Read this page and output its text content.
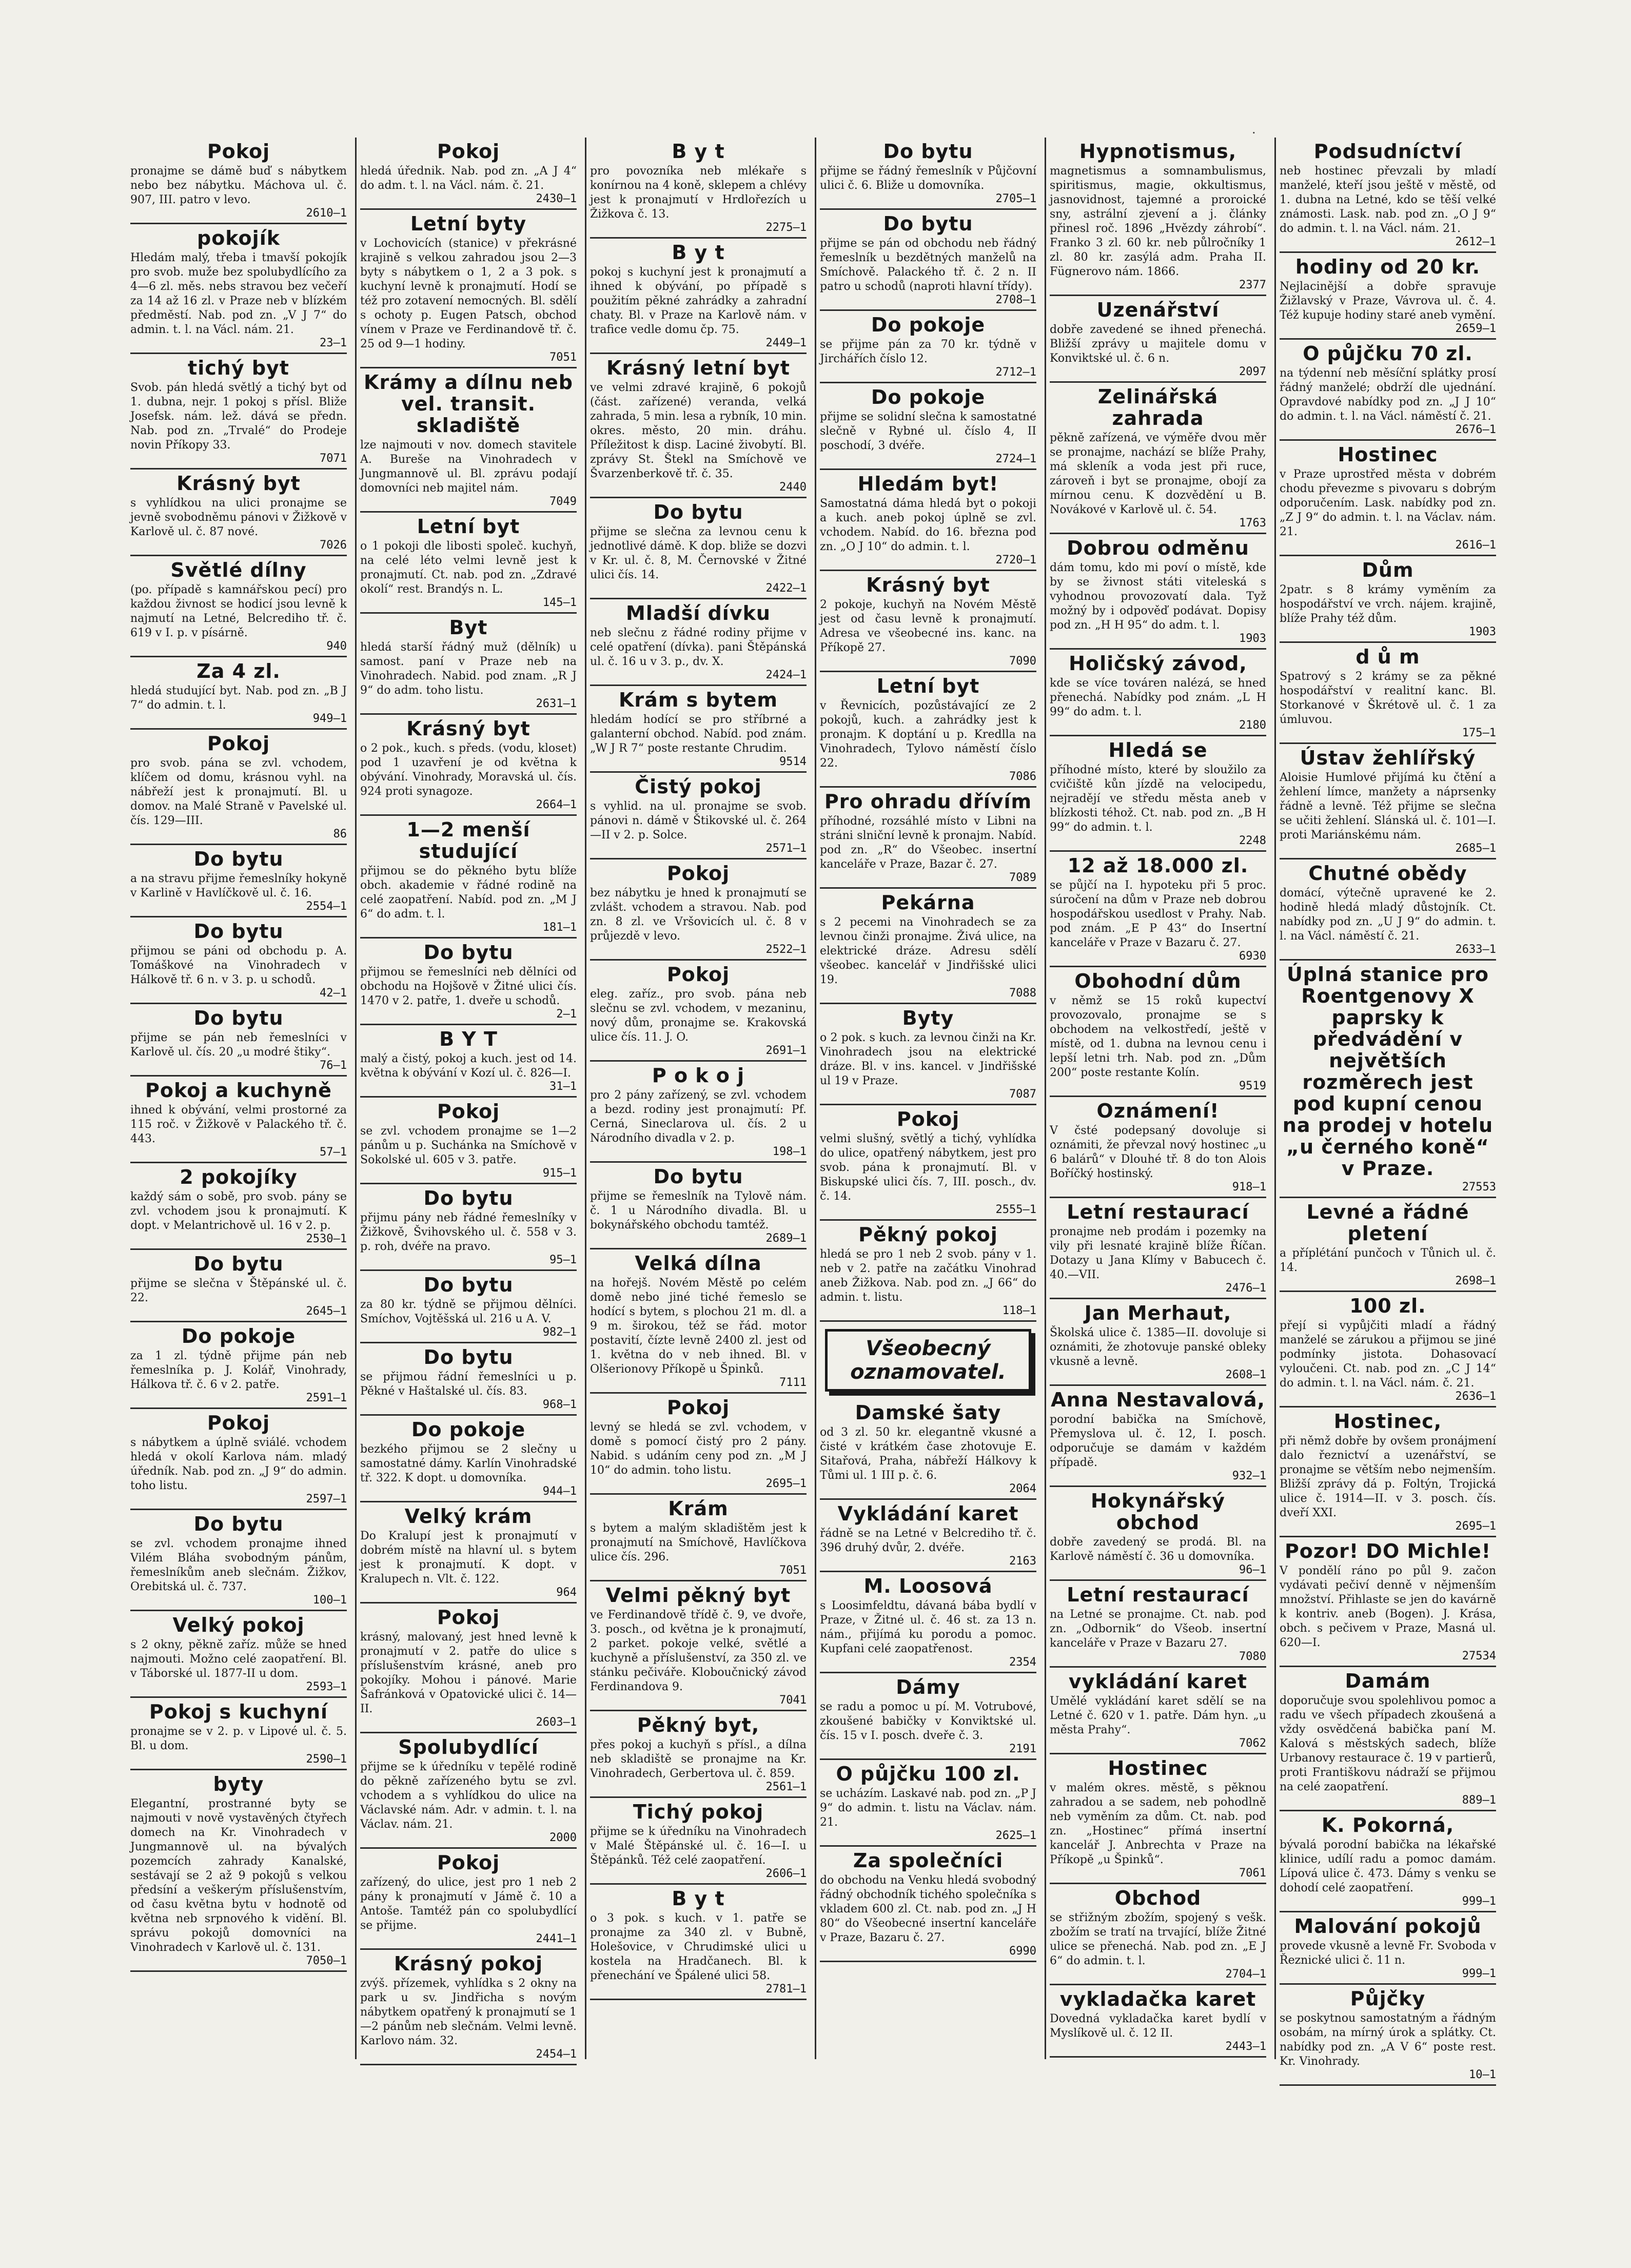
.
Pokoj

pronajme se dámě buď s nábytkem nebo bez nábytku. Máchova ul. č. 907, III. patro v levo.

2610—1
pokojík

Hledám malý, třeba i tmavší pokojík pro svob. muže bez spolubydlícího za 4—6 zl. měs. nebs stravou bez večeří za 14 až 16 zl. v Praze neb v blízkém předměstí. Nab. pod zn. „V J 7“ do admin. t. l. na Václ. nám. 21.

23—1
tichý byt

Svob. pán hledá světlý a tichý byt od 1. dubna, nejr. 1 pokoj s přísl. Bliže Josefsk. nám. lež. dává se předn. Nab. pod zn. „Trvalé“ do Prodeje novin Příkopy 33.

7071
Krásný byt

s vyhlídkou na ulici pronajme se jevně svobodněmu pánovi v Žižkově v Karlově ul. č. 87 nové.

7026
Světlé dílny

(po. případě s kamnářskou pecí) pro každou živnost se hodicí jsou levně k najmutí na Letné, Belcrediho tř. č. 619 v I. p. v písárně.

940
Za 4 zl.

hledá studující byt. Nab. pod zn. „B J 7“ do admin. t. l.

949—1
Pokoj

pro svob. pána se zvl. vchodem, klíčem od domu, krásnou vyhl. na nábřeží jest k pronajmutí. Bl. u domov. na Malé Straně v Pavelské ul. čís. 129—III.

86
Do bytu

a na stravu přijme řemeslníky hokyně v Karlině v Havlíčkově ul. č. 16.

2554—1
Do bytu

přijmou se páni od obchodu p. A. Tomáškové na Vinohradech v Hálkově tř. 6 n. v 3. p. u schodů.

42—1
Do bytu

přijme se pán neb řemeslníci v Karlově ul. čís. 20 „u modré štiky“.

76—1
Pokoj a kuchyně

ihned k obývání, velmi prostorné za 115 roč. v Žižkově v Palackého tř. č. 443.

57—1
2 pokojíky

každý sám o sobě, pro svob. pány se zvl. vchodem jsou k pronajmutí. K dopt. v Melantrichově ul. 16 v 2. p.

2530—1
Do bytu

přijme se slečna v Štěpánské ul. č. 22.

2645—1
Do pokoje

za 1 zl. týdně přijme pán neb řemeslníka p. J. Kolář, Vinohrady, Hálkova tř. č. 6 v 2. patře.

2591—1
Pokoj

s nábytkem a úplně sviálé. vchodem hledá v okolí Karlova nám. mladý úředník. Nab. pod zn. „J 9“ do admin. toho listu.

2597—1
Do bytu

se zvl. vchodem pronajme ihned Vilém Bláha svobodným pánům, řemeslníkům aneb slečnám. Žižkov, Orebitská ul. č. 737.

100—1
Velký pokoj

s 2 okny, pěkně zaříz. může se hned najmouti. Možno celé zaopatření. Bl. v Táborské ul. 1877-II u dom.

2593—1
Pokoj s kuchyní

pronajme se v 2. p. v Lipové ul. č. 5. Bl. u dom.

2590—1
byty

Elegantní, prostranné byty se najmouti v nově vystavěných čtyřech domech na Kr. Vinohradech v Jungmannově ul. na bývalých pozemcích zahrady Kanalské, sestávají se 2 až 9 pokojů s velkou předsíní a veškerým příslušenstvím, od času května bytu v hodnotě od května neb srpnového k vidění. Bl. správu pokojů domovníci na Vinohradech v Karlově ul. č. 131.

7050—1
Pokoj

hledá úřednik. Nab. pod zn. „A J 4“ do adm. t. l. na Václ. nám. č. 21.

2430—1
Letní byty

v Lochovicích (stanice) v překrásné krajině s velkou zahradou jsou 2—3 byty s nábytkem o 1, 2 a 3 pok. s kuchyní levně k pronajmutí. Hodí se též pro zotavení nemocných. Bl. sdělí s ochoty p. Eugen Patsch, obchod vínem v Praze ve Ferdinandově tř. č. 25 od 9—1 hodiny.

7051
Krámy a dílnu neb vel. transit. skladiště

lze najmouti v nov. domech stavitele A. Bureše na Vinohradech v Jungmannově ul. Bl. zprávu podají domovníci neb majitel nám.

7049
Letní byt

o 1 pokoji dle libosti společ. kuchyň, na celé léto velmi levně jest k pronajmutí. Ct. nab. pod zn. „Zdravé okolí“ rest. Brandýs n. L.

145—1
Byt

hledá starší řádný muž (dělník) u samost. paní v Praze neb na Vinohradech. Nabid. pod znam. „R J 9“ do adm. toho listu.

2631—1
Krásný byt

o 2 pok., kuch. s předs. (vodu, kloset) pod 1 uzavření je od května k obývání. Vinohrady, Moravská ul. čís. 924 proti synagoze.

2664—1
1—2 menší studující

přijmou se do pěkného bytu blíže obch. akademie v řádné rodině na celé zaopatření. Nabíd. pod zn. „M J 6“ do adm. t. l.

181—1
Do bytu

přijmou se řemeslníci neb dělníci od obchodu na Hojšově v Žitné ulici čís. 1470 v 2. patře, 1. dveře u schodů.

2—1
B Y T

malý a čistý, pokoj a kuch. jest od 14. května k obývání v Kozí ul. č. 826—I.

31—1
Pokoj

se zvl. vchodem pronajme se 1—2 pánům u p. Suchánka na Smíchově v Sokolské ul. 605 v 3. patře.

915—1
Do bytu

přijmu pány neb řádné řemeslníky v Žižkově, Švihovského ul. č. 558 v 3. p. roh, dvéře na pravo.

95—1
Do bytu

za 80 kr. týdně se přijmou dělníci. Smíchov, Vojtěšská ul. 216 u A. V.

982—1
Do bytu

se přijmou řádní řemeslníci u p. Pěkné v Haštalské ul. čís. 83.

968—1
Do pokoje

bezkého přijmou se 2 slečny u samostatné dámy. Karlín Vinohradské tř. 322. K dopt. u domovníka.

944—1
Velký krám

Do Kralupí jest k pronajmutí v dobrém místě na hlavní ul. s bytem jest k pronajmutí. K dopt. v Kralupech n. Vlt. č. 122.

964
Pokoj

krásný, malovaný, jest hned levně k pronajmutí v 2. patře do ulice s příslušenstvím krásné, aneb pro pokojíky. Mohou i pánové. Marie Šafránková v Opatovické ulici č. 14—II.

2603—1
Spolubydlící

přijme se k úředníku v tepělé rodině do pěkně zařízeného bytu se zvl. vchodem a s vyhlídkou do ulice na Václavské nám. Adr. v admin. t. l. na Václav. nám. 21.

2000
Pokoj

zařízený, do ulice, jest pro 1 neb 2 pány k pronajmutí v Jámě č. 10 a Antoše. Tamtéž pán co spolubydlící se přijme.

2441—1
Krásný pokoj

zvýš. přízemek, vyhlídka s 2 okny na park u sv. Jindřicha s novým nábytkem opatřený k pronajmutí se 1—2 pánům neb slečnám. Velmi levně. Karlovo nám. 32.

2454—1
B y t

pro povozníka neb mlékaře s konírnou na 4 koně, sklepem a chlévy jest k pronajmutí v Hrdlořezích u Žižkova č. 13.

2275—1
B y t

pokoj s kuchyní jest k pronajmutí a ihned k obývání, po případě s použitím pěkné zahrádky a zahradní chaty. Bl. v Praze na Karlově nám. v trafice vedle domu čp. 75.

2449—1
Krásný letní byt

ve velmi zdravé krajině, 6 pokojů (část. zařízené) veranda, velká zahrada, 5 min. lesa a rybník, 10 min. okres. město, 20 min. dráhu. Příležitost k disp. Laciné živobytí. Bl. zprávy St. Štekl na Smíchově ve Švarzenberkově tř. č. 35.

2440
Do bytu

přijme se slečna za levnou cenu k jednotlivé dámě. K dop. bliže se dozvi v Kr. ul. č. 8, M. Černovské v Žitné ulici čís. 14.

2422—1
Mladší dívku

neb slečnu z řádné rodiny přijme v celé opatření (dívka). pani Štěpánská ul. č. 16 u v 3. p., dv. X.

2424—1
Krám s bytem

hledám hodící se pro stříbrné a galanterní obchod. Nabíd. pod znám. „W J R 7“ poste restante Chrudim.

9514
Čistý pokoj

s vyhlid. na ul. pronajme se svob. pánovi n. dámě v Štikovské ul. č. 264—II v 2. p. Solce.

2571—1
Pokoj

bez nábytku je hned k pronajmutí se zvlášt. vchodem a stravou. Nab. pod zn. 8 zl. ve Vršovicích ul. č. 8 v průjezdě v levo.

2522—1
Pokoj

eleg. zaříz., pro svob. pána neb slečnu se zvl. vchodem, v mezaninu, nový dům, pronajme se. Krakovská ulice čís. 11. J. O.

2691—1
P o k o j

pro 2 pány zařízený, se zvl. vchodem a bezd. rodiny jest pronajmutí: Pf. Cerná, Sineclarova ul. čís. 2 u Národního divadla v 2. p.

198—1
Do bytu

přijme se řemeslník na Tylově nám. č. 1 u Národního divadla. Bl. u bokynářského obchodu tamtéž.

2689—1
Velká dílna

na hořejš. Novém Městě po celém domě nebo jiné tiché řemeslo se hodící s bytem, s plochou 21 m. dl. a 9 m. širokou, též se řád. motor postavití, čízte levně 2400 zl. jest od 1. května do v neb ihned. Bl. v Olšerionovy Příkopě u Špinků.

7111
Pokoj

levný se hledá se zvl. vchodem, v domě s pomocí čistý pro 2 pány. Nabid. s udáním ceny pod zn. „M J 10“ do admin. toho listu.

2695—1
Krám

s bytem a malým skladištěm jest k pronajmutí na Smíchově, Havlíčkova ulice čís. 296.

7051
Velmi pěkný byt

ve Ferdinandově třídě č. 9, ve dvoře, 3. posch., od května je k pronajmutí, 2 parket. pokoje velké, světlé a kuchyně a příslušenství, za 350 zl. ve stánku pečiváře. Kloboučnický závod Ferdinandova 9.

7041
Pěkný byt,

přes pokoj a kuchyň s přísl., a dílna neb skladiště se pronajme na Kr. Vinohradech, Gerbertova ul. č. 859.

2561—1
Tichý pokoj

přijme se k úředníku na Vinohradech v Malé Štěpánské ul. č. 16—I. u Štěpánků. Též celé zaopatření.

2606—1
B y t

o 3 pok. s kuch. v 1. patře se pronajme za 340 zl. v Bubně, Holešovice, v Chrudimské ulici u kostela na Hradčanech. Bl. k přenechání ve Špálené ulici 58.

2781—1
Do bytu

přijme se řádný řemeslník v Půjčovní ulici č. 6. Bliže u domovníka.

2705—1
Do bytu

přijme se pán od obchodu neb řádný řemeslník u bezdětných manželů na Smíchově. Palackého tř. č. 2 n. II patro u schodů (naproti hlavní třídy).

2708—1
Do pokoje

se přijme pán za 70 kr. týdně v Jirchářích číslo 12.

2712—1
Do pokoje

přijme se solidní slečna k samostatné slečně v Rybné ul. číslo 4, II poschodí, 3 dvéře.

2724—1
Hledám byt!

Samostatná dáma hledá byt o pokoji a kuch. aneb pokoj úplně se zvl. vchodem. Nabíd. do 16. března pod zn. „O J 10“ do admin. t. l.

2720—1
Krásný byt

2 pokoje, kuchyň na Novém Městě jest od času levně k pronajmutí. Adresa ve všeobecné ins. kanc. na Příkopě 27.

7090
Letní byt

v Řevnicích, pozůstávající ze 2 pokojů, kuch. a zahrádky jest k pronajm. K doptání u p. Kredlla na Vinohradech, Tylovo náměstí číslo 22.

7086
Pro ohradu dřívím

příhodné, rozsáhlé místo v Libni na stráni slniční levně k pronajm. Nabíd. pod zn. „R“ do Všeobec. insertní kanceláře v Praze, Bazar č. 27.

7089
Pekárna

s 2 pecemi na Vinohradech se za levnou činži pronajme. Živá ulice, na elektrické dráze. Adresu sdělí všeobec. kancelář v Jindřišské ulici 19.

7088
Byty

o 2 pok. s kuch. za levnou činži na Kr. Vinohradech jsou na elektrické dráze. Bl. v ins. kancel. v Jindřišské ul 19 v Praze.

7087
Pokoj

velmi slušný, světlý a tichý, vyhlídka do ulice, opatřený nábytkem, jest pro svob. pána k pronajmutí. Bl. v Biskupské ulici čís. 7, III. posch., dv. č. 14.

2555—1
Pěkný pokoj

hledá se pro 1 neb 2 svob. pány v 1. neb v 2. patře na začátku Vinohrad aneb Žižkova. Nab. pod zn. „J 66“ do admin. t. listu.

118—1
Všeobecný oznamovatel.
Damské šaty

od 3 zl. 50 kr. elegantně vkusné a čisté v krátkém čase zhotovuje E. Sitařová, Praha, nábřeží Hálkovy k Tůmi ul. 1 III p. č. 6.

2064
Vykládání karet

řádně se na Letné v Belcrediho tř. č. 396 druhý dvůr, 2. dvéře.

2163
M. Loosová

s Loosimfeldtu, dávaná bába bydlí v Praze, v Žitné ul. č. 46 st. za 13 n. nám., přijímá ku porodu a pomoc. Kupfani celé zaopatřenost.

2354
Dámy

se radu a pomoc u pí. M. Votrubové, zkoušené babičky v Konviktské ul. čís. 15 v I. posch. dveře č. 3.

2191
O půjčku 100 zl.

se ucházím. Laskavé nab. pod zn. „P J 9“ do admin. t. listu na Václav. nám. 21.

2625—1
Za společníci

do obchodu na Venku hledá svobodný řádný obchodník tichého společníka s vkladem 600 zl. Ct. nab. pod zn. „J H 80“ do Všeobecné insertní kanceláře v Praze, Bazaru č. 27.

6990
Hypnotismus,

magnetismus a somnambulismus, spiritismus, magie, okkultismus, jasnovidnost, tajemné a proroické sny, astrální zjevení a j. články přinesl roč. 1896 „Hvězdy záhrobí“. Franko 3 zl. 60 kr. neb půlročníky 1 zl. 80 kr. zasýlá adm. Praha II. Fügnerovo nám. 1866.

2377
Uzenářství

dobře zavedené se ihned přenechá. Bližší zprávy u majitele domu v Konviktské ul. č. 6 n.

2097
Zelinářská zahrada

pěkně zařízená, ve výměře dvou měr se pronajme, nachází se blíže Prahy, má skleník a voda jest při ruce, zároveň i byt se pronajme, obojí za mírnou cenu. K dozvědění u B. Novákové v Karlově ul. č. 54.

1763
Dobrou odměnu

dám tomu, kdo mi poví o místě, kde by se živnost státi viteleská s vyhodnou provozovatí dala. Tyž možný by i odpověď podávat. Dopisy pod zn. „H H 95“ do adm. t. l.

1903
Holičský závod,

kde se více továren nalézá, se hned přenechá. Nabídky pod znám. „L H 99“ do adm. t. l.

2180
Hledá se

příhodné místo, které by sloužilo za cvičiště kůn jízdě na velocipedu, nejradějí ve středu města aneb v blízkosti téhož. Ct. nab. pod zn. „B H 99“ do admin. t. l.

2248
12 až 18.000 zl.

se půjčí na I. hypoteku při 5 proc. súročení na dům v Praze neb dobrou hospodářskou usedlost v Prahy. Nab. pod znám. „E P 43“ do Insertní kanceláře v Praze v Bazaru č. 27.

6930
Obohodní dům

v němž se 15 roků kupectví provozovalo, pronajme se s obchodem na velkostředí, ještě v místě, od 1. dubna na levnou cenu i lepší letni trh. Nab. pod zn. „Dům 200“ poste restante Kolín.

9519
Oznámení!

V čsté podepsaný dovoluje si oznámiti, že převzal nový hostinec „u 6 balárů“ v Dlouhé tř. 8 do ton Alois Boříčký hostinský.

918—1
Letní restaurací

pronajme neb prodám i pozemky na vily při lesnaté krajině blíže Říčan. Dotazy u Jana Klímy v Babucech č. 40.—VII.

2476—1
Jan Merhaut,

Školská ulice č. 1385—II. dovoluje si oznámiti, že zhotovuje panské obleky vkusně a levně.

2608—1
Anna Nestavalová,

porodní babička na Smíchově, Přemyslova ul. č. 12, I. posch. odporučuje se damám v každém případě.

932—1
Hokynářský obchod

dobře zavedený se prodá. Bl. na Karlově náměstí č. 36 u domovníka.

96—1
Letní restaurací

na Letné se pronajme. Ct. nab. pod zn. „Odbornik“ do Všeob. insertní kanceláře v Praze v Bazaru 27.

7080
vykládání karet

Umělé vykládání karet sdělí se na Letné č. 620 v 1. patře. Dám hyn. „u města Prahy“.

7062
Hostinec

v malém okres. městě, s pěknou zahradou a se sadem, neb pohodlně neb vyměním za dům. Ct. nab. pod zn. „Hostinec“ přímá insertní kancelář J. Anbrechta v Praze na Příkopě „u Špinků“.

7061
Obchod

se střižným zbožím, spojený s vešk. zbožím se tratí na trvající, blíže Žitné ulice se přenechá. Nab. pod zn. „E J 6“ do admin. t. l.

2704—1
vykladačka karet

Dovedná vykladačka karet bydlí v Myslíkově ul. č. 12 II.

2443—1
Podsudníctví

neb hostinec převzali by mladí manželé, kteří jsou ještě v městě, od 1. dubna na Letné, kdo se těší velké známosti. Lask. nab. pod zn. „O J 9“ do admin. t. l. na Václ. nám. 21.

2612—1
hodiny od 20 kr.

Nejlacinější a dobře spravuje Žižlavský v Praze, Vávrova ul. č. 4. Též kupuje hodiny staré aneb vymění.

2659—1
O půjčku 70 zl.

na týdenní neb měsíční splátky prosí řádný manželé; obdrží dle ujednání. Opravdové nabídky pod zn. „J J 10“ do admin. t. l. na Václ. náměstí č. 21.

2676—1
Hostinec

v Praze uprostřed města v dobrém chodu převezme s pivovaru s dobrým odporučením. Lask. nabídky pod zn. „Z J 9“ do admin. t. l. na Václav. nám. 21.

2616—1
Dům

2patr. s 8 krámy vyměním za hospodářství ve vrch. nájem. krajině, blíže Prahy též dům.

1903
d ů m

Spatrový s 2 krámy se za pěkné hospodářství v realitní kanc. Bl. Storkanové v Škrétově ul. č. 1 za úmluvou.

175—1
Ústav žehlířský

Aloisie Humlové přijímá ku čtění a žehlení límce, manžety a náprsenky řádně a levně. Též přijme se slečna se učiti žehlení. Slánská ul. č. 101—I. proti Mariánskému nám.

2685—1
Chutné obědy

domácí, výtečně upravené ke 2. hodině hledá mladý důstojník. Ct. nabídky pod zn. „U J 9“ do admin. t. l. na Václ. náměstí č. 21.

2633—1
Úplná stanice pro Roentgenovy X paprsky k předvádění v největších rozměrech jest pod kupní cenou na prodej v hotelu „u černého koně“ v Praze.
27553
Levné a řádné pletení

a příplétání punčoch v Tůnich ul. č. 14.

2698—1
100 zl.

přejí si vypůjčiti mladí a řádný manželé se zárukou a přijmou se jiné podmínky jistota. Dohasovací vyloučeni. Ct. nab. pod zn. „C J 14“ do admin. t. l. na Václ. nám. č. 21.

2636—1
Hostinec,

při němž dobře by ovšem pronájmení dalo řeznictví a uzenářství, se pronajme se větším nebo nejmenším. Bližší zprávy dá p. Foltýn, Trojická ulice č. 1914—II. v 3. posch. čís. dveří XXI.

2695—1
Pozor! DO Michle!

V pondělí ráno po půl 9. začon vydávati pečiví denně v nějmenším množství. Přihlaste se jen do kavárně k kontriv. aneb (Bogen). J. Krása, obch. s pečivem v Praze, Masná ul. 620—I.

27534
Damám

doporučuje svou spolehlivou pomoc a radu ve všech případech zkoušená a vždy osvědčená babička paní M. Kalová s městských sadech, blíže Urbanovy restaurace č. 19 v partierů, proti Františkovu nádraží se přijmou na celé zaopatření.

889—1
K. Pokorná,

bývalá porodní babička na lékařské klinice, udílí radu a pomoc damám. Lípová ulice č. 473. Dámy s venku se dohodí celé zaopatření.

999—1
Malování pokojů

provede vkusně a levně Fr. Svoboda v Řeznické ulici č. 11 n.

999—1
Půjčky

se poskytnou samostatným a řádným osobám, na mírný úrok a splátky. Ct. nabídky pod zn. „A V 6“ poste rest. Kr. Vinohrady.

10—1
